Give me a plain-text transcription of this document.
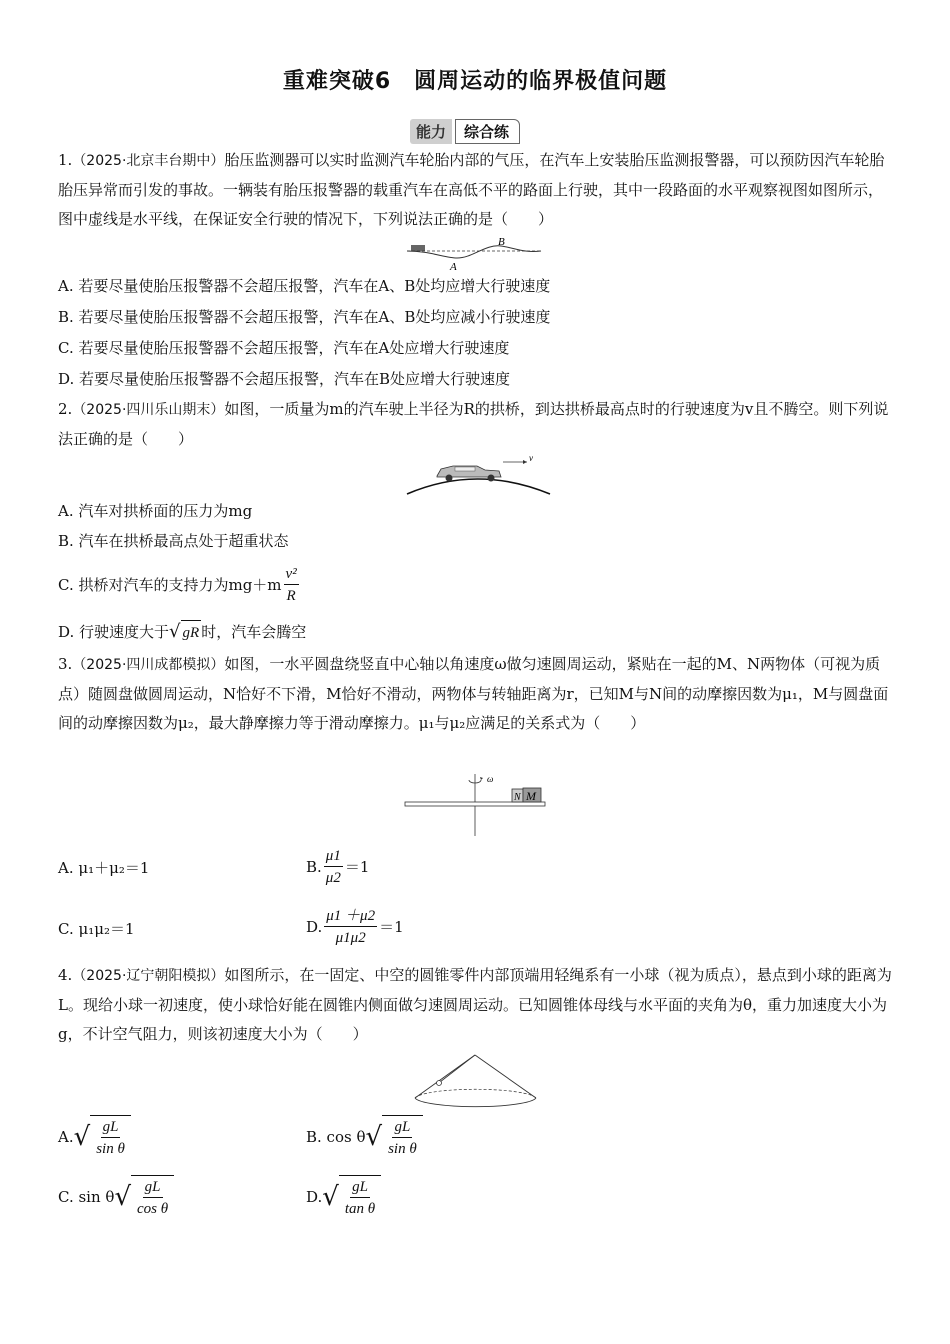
重难突破6　圆周运动的临界极值问题
能力	综合练
1.（2025·北京丰台期中）胎压监测器可以实时监测汽车轮胎内部的气压，在汽车上安装胎压监测报警器，可以预防因汽车轮胎胎压异常而引发的事故。一辆装有胎压报警器的载重汽车在高低不平的路面上行驶，其中一段路面的水平观察视图如图所示，图中虚线是水平线，在保证安全行驶的情况下，下列说法正确的是（　　）
A
B
A. 若要尽量使胎压报警器不会超压报警，汽车在A、B处均应增大行驶速度
B. 若要尽量使胎压报警器不会超压报警，汽车在A、B处均应减小行驶速度
C. 若要尽量使胎压报警器不会超压报警，汽车在A处应增大行驶速度
D. 若要尽量使胎压报警器不会超压报警，汽车在B处应增大行驶速度
2.（2025·四川乐山期末）如图，一质量为m的汽车驶上半径为R的拱桥，到达拱桥最高点时的行驶速度为v且不腾空。则下列说法正确的是（　　）
v
A. 汽车对拱桥面的压力为mg
B. 汽车在拱桥最高点处于超重状态
C. 拱桥对汽车的支持力为$mg+m \frac{\text{v²}}{R}$
D. 行驶速度大于 √ gR 时，汽车会腾空
3.（2025·四川成都模拟）如图，一水平圆盘绕竖直中心轴以角速度ω做匀速圆周运动，紧贴在一起的M、N两物体（可视为质点）随圆盘做圆周运动，N恰好不下滑，M恰好不滑动，两物体与转轴距离为r，已知M与N间的动摩擦因数为μ₁，M与圆盘面间的动摩擦因数为μ₂，最大静摩擦力等于滑动摩擦力。μ₁与μ₂应满足的关系式为（　　）
ω
N M
A. μ₁＋μ₂＝1	B. $\frac{\mu 1}{\mu 2} =1$
C. μ₁μ₂＝1	D. $\frac{\mu 1 +\mu 2}{\mu 1\mu 2} =1$
4.（2025·辽宁朝阳模拟）如图所示，在一固定、中空的圆锥零件内部顶端用轻绳系有一小球（视为质点），悬点到小球的距离为L。现给小球一初速度，使小球恰好能在圆锥内侧面做匀速圆周运动。已知圆锥体母线与水平面的夹角为θ，重力加速度大小为g，不计空气阻力，则该初速度大小为（　　）
A. √ $\frac{gL}{\text{sin θ}}$	B. cos θ √ $\frac{gL}{\text{sin θ}}$
C. sin θ √ $\frac{gL}{\text{cos θ}}$	D. √ $\frac{gL}{\text{tan θ}}$
